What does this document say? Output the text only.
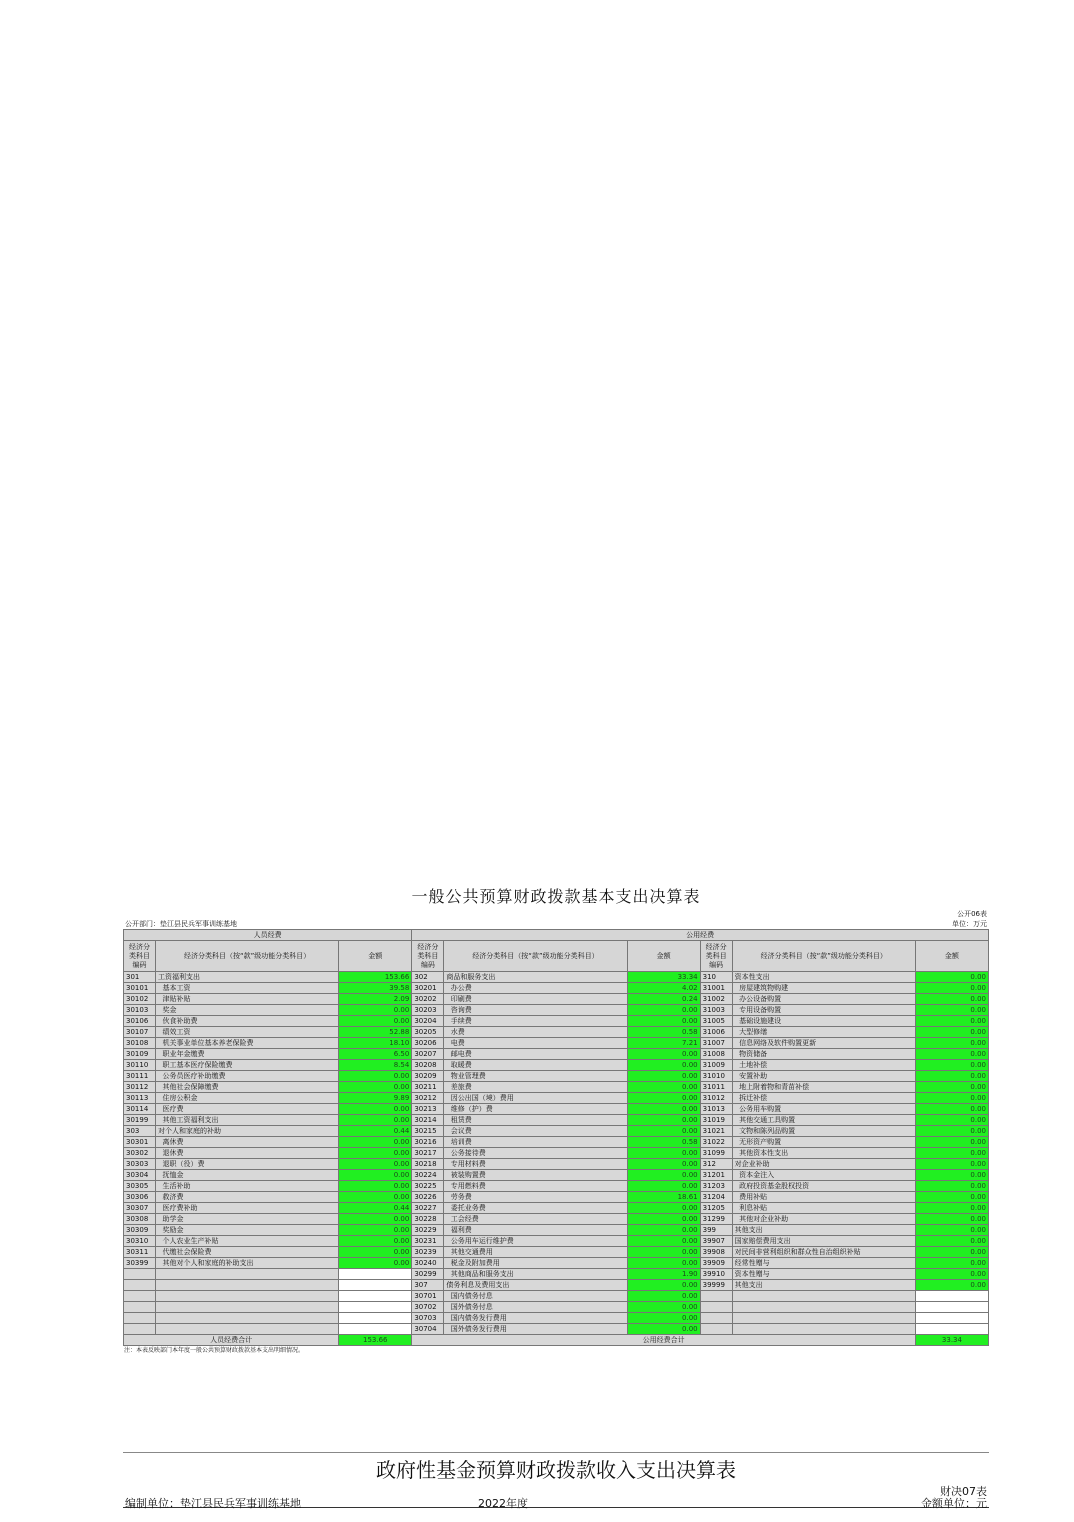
一般公共预算财政拨款基本支出决算表
公开06表
公开部门：垫江县民兵军事训练基地	单位：万元
人员经费			公用经费					
经济分类科目编码	经济分类科目（按“款”级功能分类科目）	金额	经济分类科目编码	经济分类科目（按“款”级功能分类科目）	金额	经济分类科目编码	经济分类科目（按“款”级功能分类科目）	金额
301	工资福利支出	153.66	302	商品和服务支出	33.34	310	资本性支出	0.00
30101	基本工资	39.58	30201	办公费	4.02	31001	房屋建筑物购建	0.00
30102	津贴补贴	2.09	30202	印刷费	0.24	31002	办公设备购置	0.00
30103	奖金	0.00	30203	咨询费	0.00	31003	专用设备购置	0.00
30106	伙食补助费	0.00	30204	手续费	0.00	31005	基础设施建设	0.00
30107	绩效工资	52.88	30205	水费	0.58	31006	大型修缮	0.00
30108	机关事业单位基本养老保险费	18.10	30206	电费	7.21	31007	信息网络及软件购置更新	0.00
30109	职业年金缴费	6.50	30207	邮电费	0.00	31008	物资储备	0.00
30110	职工基本医疗保险缴费	8.54	30208	取暖费	0.00	31009	土地补偿	0.00
30111	公务员医疗补助缴费	0.00	30209	物业管理费	0.00	31010	安置补助	0.00
30112	其他社会保障缴费	0.00	30211	差旅费	0.00	31011	地上附着物和青苗补偿	0.00
30113	住房公积金	9.89	30212	因公出国（境）费用	0.00	31012	拆迁补偿	0.00
30114	医疗费	0.00	30213	维修（护）费	0.00	31013	公务用车购置	0.00
30199	其他工资福利支出	0.00	30214	租赁费	0.00	31019	其他交通工具购置	0.00
303	对个人和家庭的补助	0.44	30215	会议费	0.00	31021	文物和陈列品购置	0.00
30301	离休费	0.00	30216	培训费	0.58	31022	无形资产购置	0.00
30302	退休费	0.00	30217	公务接待费	0.00	31099	其他资本性支出	0.00
30303	退职（役）费	0.00	30218	专用材料费	0.00	312	对企业补助	0.00
30304	抚恤金	0.00	30224	被装购置费	0.00	31201	资本金注入	0.00
30305	生活补助	0.00	30225	专用燃料费	0.00	31203	政府投资基金股权投资	0.00
30306	救济费	0.00	30226	劳务费	18.61	31204	费用补贴	0.00
30307	医疗费补助	0.44	30227	委托业务费	0.00	31205	利息补贴	0.00
30308	助学金	0.00	30228	工会经费	0.00	31299	其他对企业补助	0.00
30309	奖励金	0.00	30229	福利费	0.00	399	其他支出	0.00
30310	个人农业生产补贴	0.00	30231	公务用车运行维护费	0.00	39907	国家赔偿费用支出	0.00
30311	代缴社会保险费	0.00	30239	其他交通费用	0.00	39908	对民间非营利组织和群众性自治组织补贴	0.00
30399	其他对个人和家庭的补助支出	0.00	30240	税金及附加费用	0.00	39909	经常性赠与	0.00
			30299	其他商品和服务支出	1.90	39910	资本性赠与	0.00
			307	债务利息及费用支出	0.00	39999	其他支出	0.00
			30701	国内债务付息	0.00			
			30702	国外债务付息	0.00			
			30703	国内债务发行费用	0.00			
			30704	国外债务发行费用	0.00			
人员经费合计		153.66	公用经费合计					33.34
注：本表反映部门本年度一般公共预算财政拨款基本支出明细情况。
政府性基金预算财政拨款收入支出决算表
财决07表
编制单位：垫江县民兵军事训练基地	2022年度	金额单位：元
